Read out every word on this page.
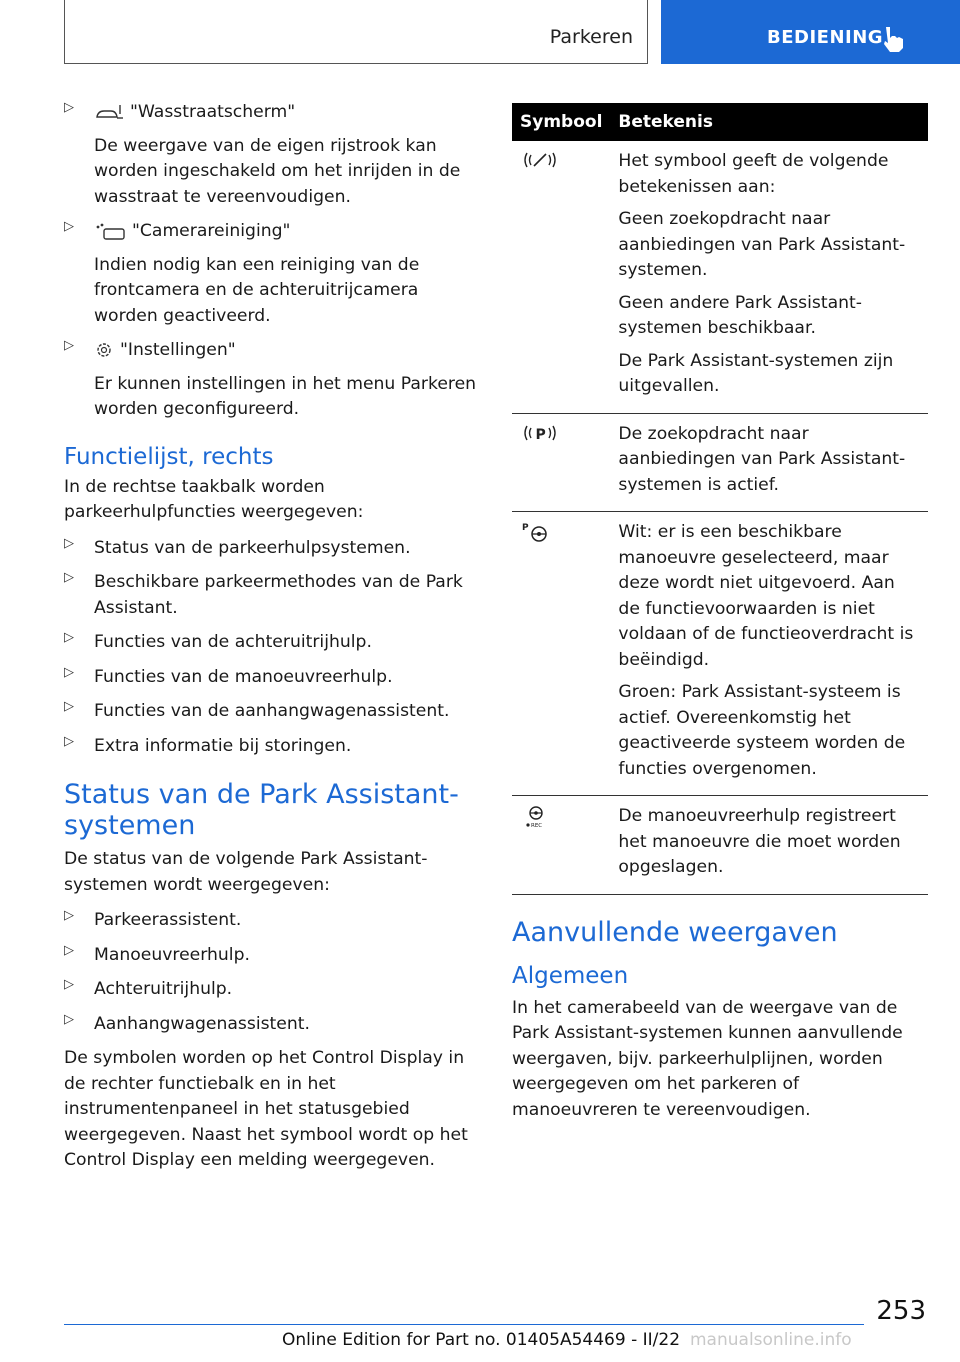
Parkeren	BEDIENING
▷

"Wasstraatscherm"

De weergave van de eigen rijstrook kan worden ingeschakeld om het inrijden in de wasstraat te vereenvoudigen.

▷

"Camerareiniging"

Indien nodig kan een reiniging van de frontcamera en de achteruitrijcamera worden geactiveerd.

▷

"Instellingen"

Er kunnen instellingen in het menu Parkeren worden geconfigureerd.

Functielijst, rechts

In de rechtse taakbalk worden parkeerhulpfuncties weergegeven:

▷

Status van de parkeerhulpsystemen.

▷

Beschikbare parkeermethodes van de Park Assistant.

▷

Functies van de achteruitrijhulp.

▷

Functies van de manoeuvreerhulp.

▷

Functies van de aanhangwagenassistent.

▷

Extra informatie bij storingen.

Status van de Park Assistant-systemen

De status van de volgende Park Assistant-systemen wordt weergegeven:

▷

Parkeerassistent.

▷

Manoeuvreerhulp.

▷

Achteruitrijhulp.

▷

Aanhangwagenassistent.

De symbolen worden op het Control Display in de rechter functiebalk en in het instrumentenpaneel in het statusgebied weergegeven. Naast het symbool wordt op het Control Display een melding weergegeven.

Symbool	Betekenis

Het symbool geeft de volgende betekenissen aan:

Geen zoekopdracht naar aanbiedingen van Park Assistant-systemen.

Geen andere Park Assistant-systemen beschikbaar.

De Park Assistant-systemen zijn uitgevallen.

P	De zoekopdracht naar aanbiedingen van Park Assistant-systemen is actief.

P	Wit: er is een beschikbare manoeuvre geselecteerd, maar deze wordt niet uitgevoerd. Aan de functievoorwaarden is niet voldaan of de functieoverdracht is beëindigd.

Groen: Park Assistant-systeem is actief. Overeenkomstig het geactiveerde systeem worden de functies overgenomen.

REC	De manoeuvreerhulp registreert het manoeuvre die moet worden opgeslagen.

Aanvullende weergaven
Algemeen

In het camerabeeld van de weergave van de Park Assistant-systemen kunnen aanvullende weergaven, bijv. parkeerhulplijnen, worden weergegeven om het parkeren of manoeuvreren te vereenvoudigen.

253
Online Edition for Part no. 01405A54469 - II/22 manualsonline.info
